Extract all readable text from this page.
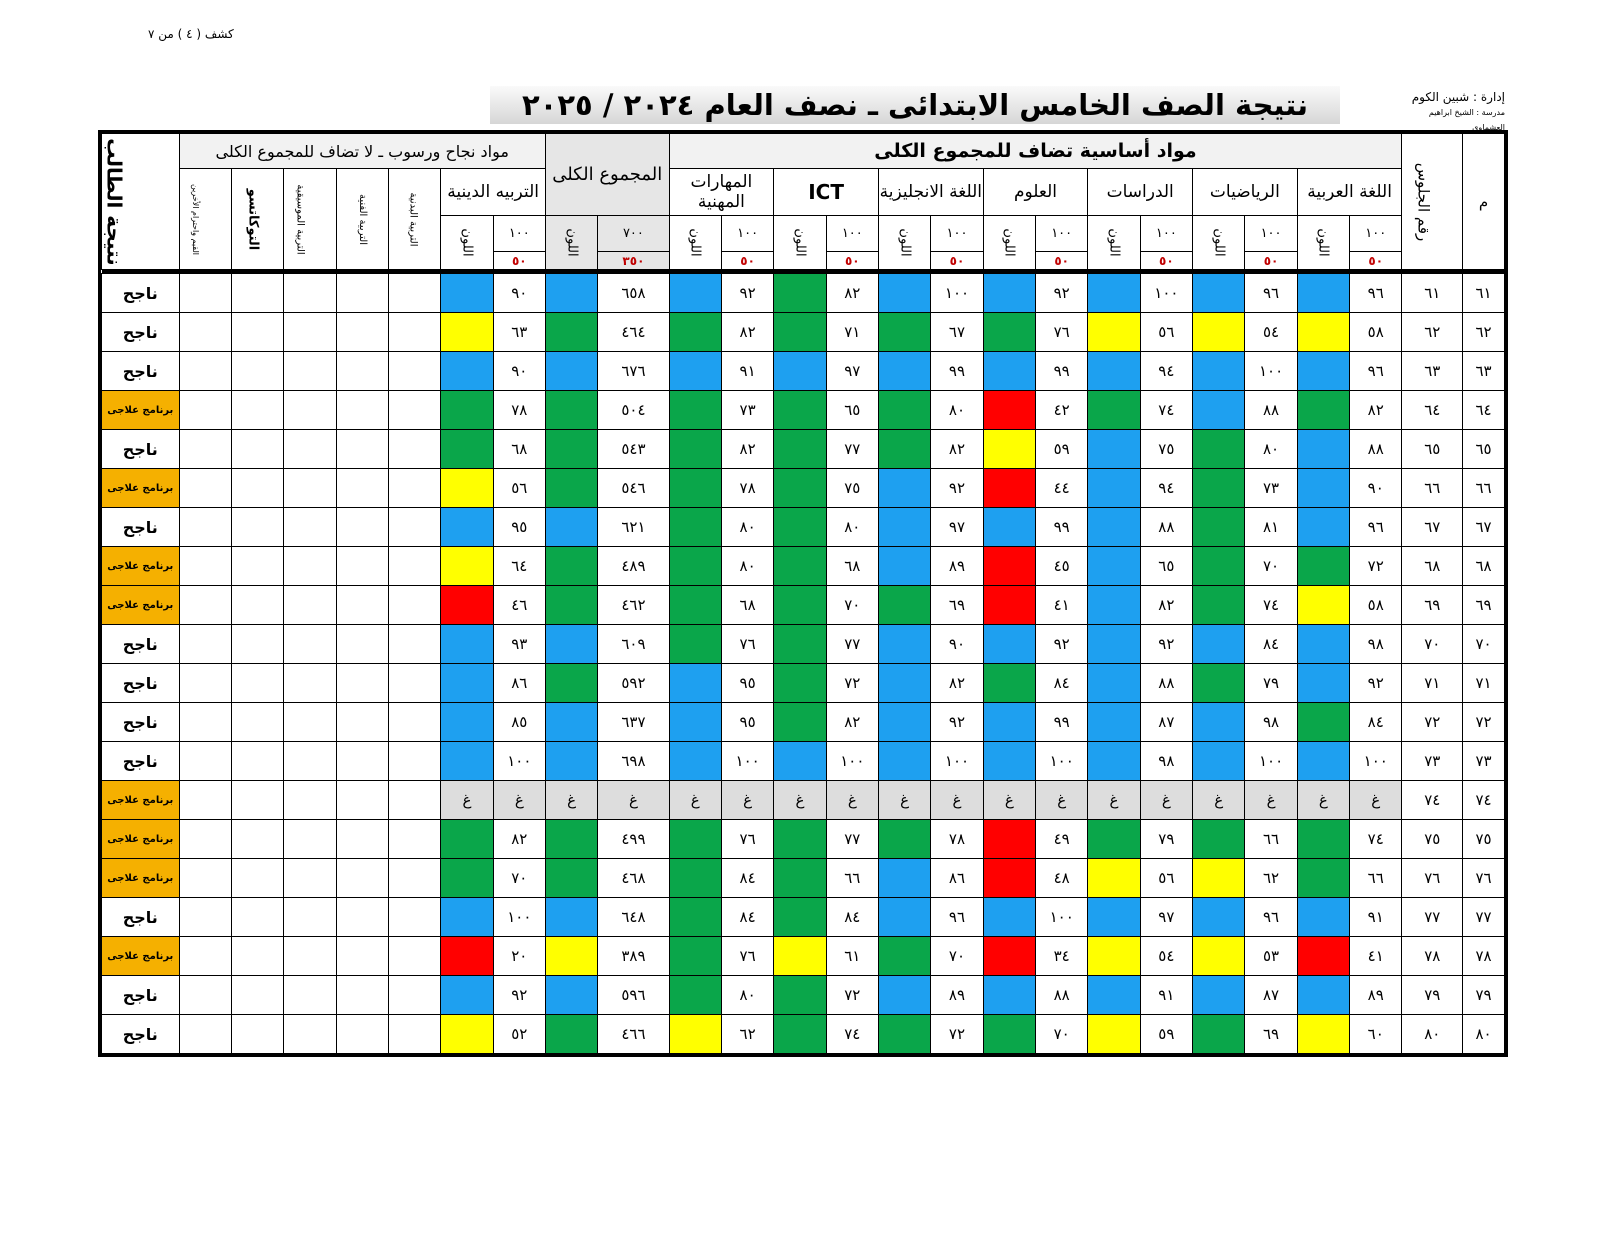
كشف ( ٤ ) من ٧
إدارة : شبين الكوم
مدرسة : الشيخ ابراهيم العشماوى
نتيجة الصف الخامس الابتدائى ـ نصف العام ٢٠٢٤ / ٢٠٢٥
م	رقم الجلوس	مواد أساسية تضاف للمجموع الكلى														المجموع الكلى		مواد نجاح ورسوب ـ لا تضاف للمجموع الكلى							نتيجة الطالب
		اللغة العربية		الرياضيات		الدراسات		العلوم		اللغة الانجليزية		ICT		المهارات المهنية				التربيه الدينية		التربية البدنية	التربية الفنية	التربية الموسيقية	التوكاتسو	القيم واحترام الأخرين	
		١٠٠	اللون	١٠٠	اللون	١٠٠	اللون	١٠٠	اللون	١٠٠	اللون	١٠٠	اللون	١٠٠	اللون	٧٠٠	اللون	١٠٠	اللون						
		٥٠		٥٠		٥٠		٥٠		٥٠		٥٠		٥٠		٣٥٠		٥٠							

٦١	٦١	٩٦		٩٦		١٠٠		٩٢		١٠٠		٨٢		٩٢		٦٥٨		٩٠							ناجح
٦٢	٦٢	٥٨		٥٤		٥٦		٧٦		٦٧		٧١		٨٢		٤٦٤		٦٣							ناجح
٦٣	٦٣	٩٦		١٠٠		٩٤		٩٩		٩٩		٩٧		٩١		٦٧٦		٩٠							ناجح
٦٤	٦٤	٨٢		٨٨		٧٤		٤٢		٨٠		٦٥		٧٣		٥٠٤		٧٨							برنامج علاجى
٦٥	٦٥	٨٨		٨٠		٧٥		٥٩		٨٢		٧٧		٨٢		٥٤٣		٦٨							ناجح
٦٦	٦٦	٩٠		٧٣		٩٤		٤٤		٩٢		٧٥		٧٨		٥٤٦		٥٦							برنامج علاجى
٦٧	٦٧	٩٦		٨١		٨٨		٩٩		٩٧		٨٠		٨٠		٦٢١		٩٥							ناجح
٦٨	٦٨	٧٢		٧٠		٦٥		٤٥		٨٩		٦٨		٨٠		٤٨٩		٦٤							برنامج علاجى
٦٩	٦٩	٥٨		٧٤		٨٢		٤١		٦٩		٧٠		٦٨		٤٦٢		٤٦							برنامج علاجى
٧٠	٧٠	٩٨		٨٤		٩٢		٩٢		٩٠		٧٧		٧٦		٦٠٩		٩٣							ناجح
٧١	٧١	٩٢		٧٩		٨٨		٨٤		٨٢		٧٢		٩٥		٥٩٢		٨٦							ناجح
٧٢	٧٢	٨٤		٩٨		٨٧		٩٩		٩٢		٨٢		٩٥		٦٣٧		٨٥							ناجح
٧٣	٧٣	١٠٠		١٠٠		٩٨		١٠٠		١٠٠		١٠٠		١٠٠		٦٩٨		١٠٠							ناجح
٧٤	٧٤	غ	غ	غ	غ	غ	غ	غ	غ	غ	غ	غ	غ	غ	غ	غ	غ	غ	غ						برنامج علاجى
٧٥	٧٥	٧٤		٦٦		٧٩		٤٩		٧٨		٧٧		٧٦		٤٩٩		٨٢							برنامج علاجى
٧٦	٧٦	٦٦		٦٢		٥٦		٤٨		٨٦		٦٦		٨٤		٤٦٨		٧٠							برنامج علاجى
٧٧	٧٧	٩١		٩٦		٩٧		١٠٠		٩٦		٨٤		٨٤		٦٤٨		١٠٠							ناجح
٧٨	٧٨	٤١		٥٣		٥٤		٣٤		٧٠		٦١		٧٦		٣٨٩		٢٠							برنامج علاجى
٧٩	٧٩	٨٩		٨٧		٩١		٨٨		٨٩		٧٢		٨٠		٥٩٦		٩٢							ناجح
٨٠	٨٠	٦٠		٦٩		٥٩		٧٠		٧٢		٧٤		٦٢		٤٦٦		٥٢							ناجح
